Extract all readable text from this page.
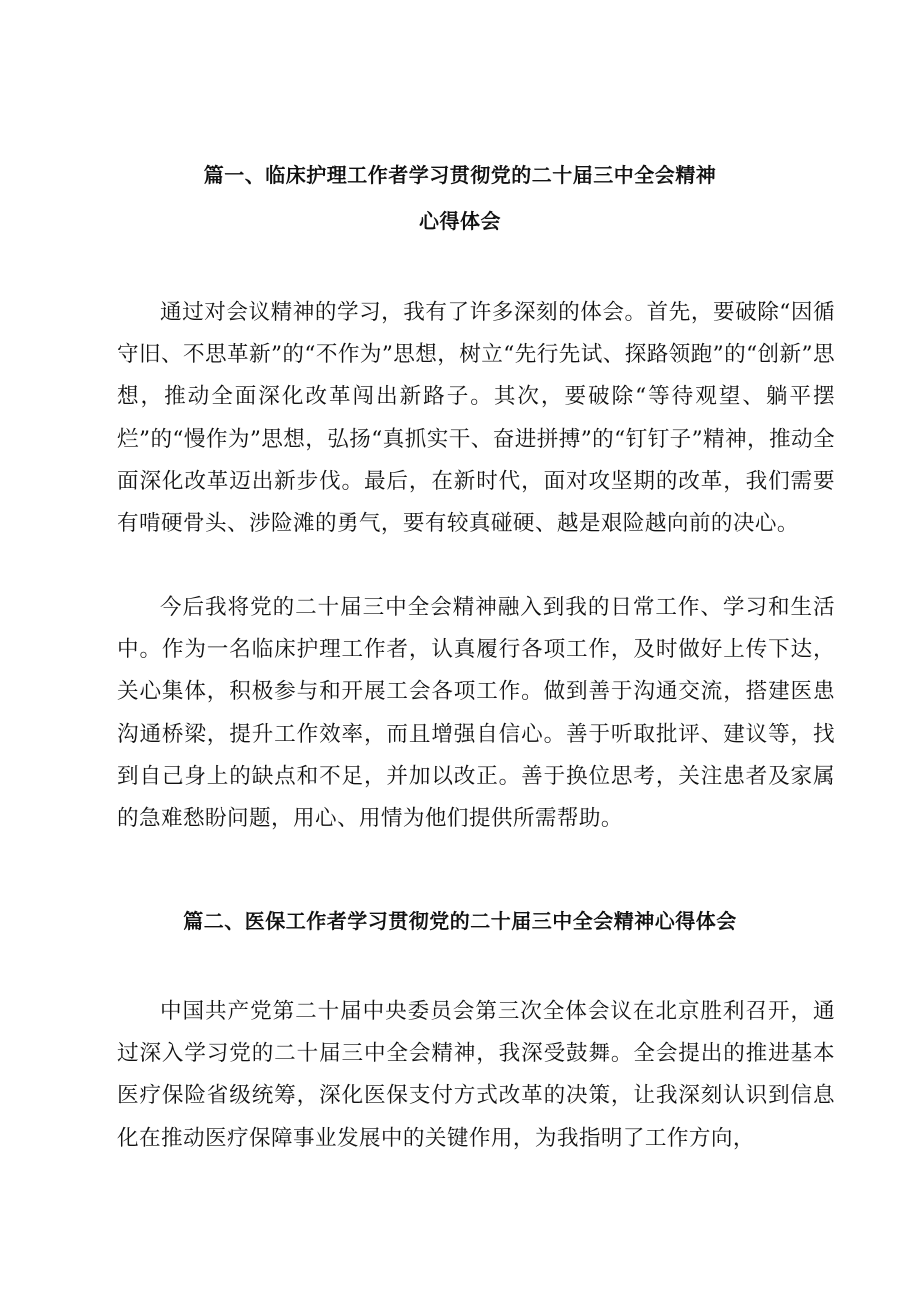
篇一、临床护理工作者学习贯彻党的二十届三中全会精神
心得体会

通过对会议精神的学习，我有了许多深刻的体会。首先，要破除“因循守旧、不思革新”的“不作为”思想，树立“先行先试、探路领跑”的“创新”思想，推动全面深化改革闯出新路子。其次，要破除“等待观望、躺平摆烂”的“慢作为”思想，弘扬“真抓实干、奋进拼搏”的“钉钉子”精神，推动全面深化改革迈出新步伐。最后，在新时代，面对攻坚期的改革，我们需要有啃硬骨头、涉险滩的勇气，要有较真碰硬、越是艰险越向前的决心。

今后我将党的二十届三中全会精神融入到我的日常工作、学习和生活中。作为一名临床护理工作者，认真履行各项工作，及时做好上传下达，关心集体，积极参与和开展工会各项工作。做到善于沟通交流，搭建医患沟通桥梁，提升工作效率，而且增强自信心。善于听取批评、建议等，找到自己身上的缺点和不足，并加以改正。善于换位思考，关注患者及家属的急难愁盼问题，用心、用情为他们提供所需帮助。

篇二、医保工作者学习贯彻党的二十届三中全会精神心得体会

中国共产党第二十届中央委员会第三次全体会议在北京胜利召开，通过深入学习党的二十届三中全会精神，我深受鼓舞。全会提出的推进基本医疗保险省级统筹，深化医保支付方式改革的决策，让我深刻认识到信息化在推动医疗保障事业发展中的关键作用，为我指明了工作方向，
